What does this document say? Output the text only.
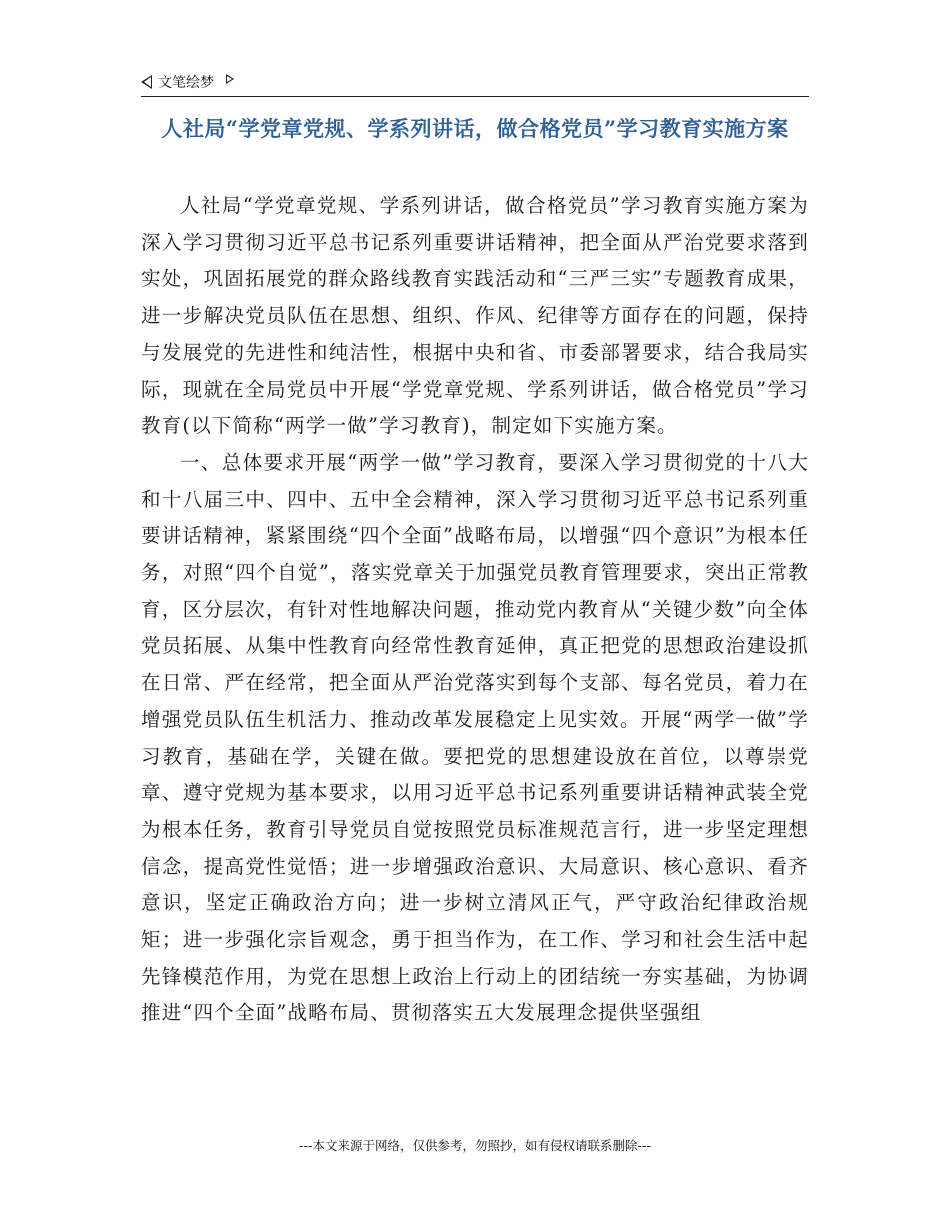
文笔绘梦
人社局“学党章党规、学系列讲话，做合格党员”学习教育实施方案

人社局“学党章党规、学系列讲话，做合格党员”学习教育实施方案为深入学习贯彻习近平总书记系列重要讲话精神，把全面从严治党要求落到实处，巩固拓展党的群众路线教育实践活动和“三严三实”专题教育成果，进一步解决党员队伍在思想、组织、作风、纪律等方面存在的问题，保持与发展党的先进性和纯洁性，根据中央和省、市委部署要求，结合我局实际，现就在全局党员中开展“学党章党规、学系列讲话，做合格党员”学习教育(以下简称“两学一做”学习教育)，制定如下实施方案。

一、总体要求开展“两学一做”学习教育，要深入学习贯彻党的十八大和十八届三中、四中、五中全会精神，深入学习贯彻习近平总书记系列重要讲话精神，紧紧围绕“四个全面”战略布局，以增强“四个意识”为根本任务，对照“四个自觉”，落实党章关于加强党员教育管理要求，突出正常教育，区分层次，有针对性地解决问题，推动党内教育从“关键少数”向全体党员拓展、从集中性教育向经常性教育延伸，真正把党的思想政治建设抓在日常、严在经常，把全面从严治党落实到每个支部、每名党员，着力在增强党员队伍生机活力、推动改革发展稳定上见实效。开展“两学一做”学习教育，基础在学，关键在做。要把党的思想建设放在首位，以尊崇党章、遵守党规为基本要求，以用习近平总书记系列重要讲话精神武装全党为根本任务，教育引导党员自觉按照党员标准规范言行，进一步坚定理想信念，提高党性觉悟；进一步增强政治意识、大局意识、核心意识、看齐意识，坚定正确政治方向；进一步树立清风正气，严守政治纪律政治规矩；进一步强化宗旨观念，勇于担当作为，在工作、学习和社会生活中起先锋模范作用，为党在思想上政治上行动上的团结统一夯实基础，为协调推进“四个全面”战略布局、贯彻落实五大发展理念提供坚强组

---本文来源于网络，仅供参考，勿照抄，如有侵权请联系删除---
